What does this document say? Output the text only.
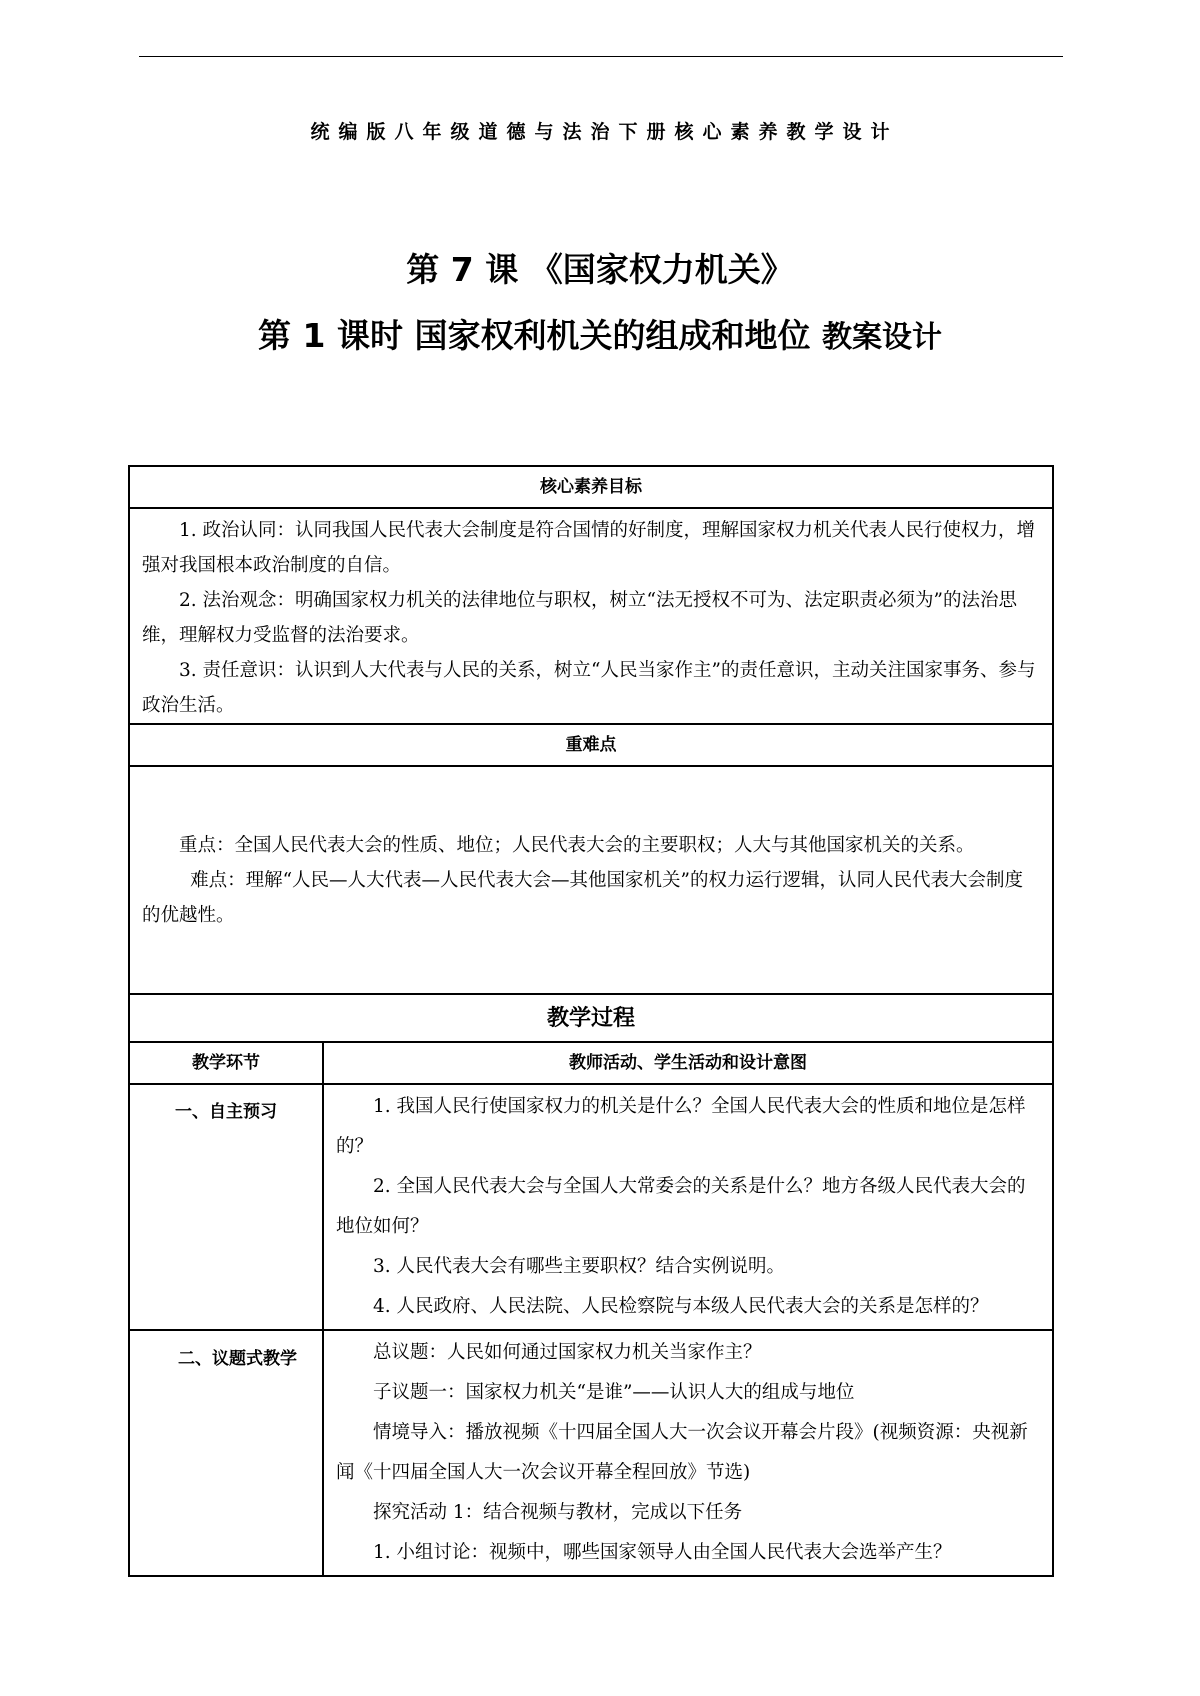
统编版八年级道德与法治下册核心素养教学设计
第 7 课 《国家权力机关》
第 1 课时 国家权利机关的组成和地位 教案设计
核心素养目标	

1. 政治认同：认同我国人民代表大会制度是符合国情的好制度，理解国家权力机关代表人民行使权力，增强对我国根本政治制度的自信。

2. 法治观念：明确国家权力机关的法律地位与职权，树立“法无授权不可为、法定职责必须为”的法治思维，理解权力受监督的法治要求。

3. 责任意识：认识到人大代表与人民的关系，树立“人民当家作主”的责任意识，主动关注国家事务、参与政治生活。	

重难点	

重点：全国人民代表大会的性质、地位；人民代表大会的主要职权；人大与其他国家机关的关系。

难点：理解“人民—人大代表—人民代表大会—其他国家机关”的权力运行逻辑，认同人民代表大会制度的优越性。	

教学过程	
教学环节	教师活动、学生活动和设计意图
一、自主预习	1. 我国人民行使国家权力的机关是什么？全国人民代表大会的性质和地位是怎样的？

2. 全国人民代表大会与全国人大常委会的关系是什么？地方各级人民代表大会的地位如何？

3. 人民代表大会有哪些主要职权？结合实例说明。

4. 人民政府、人民法院、人民检察院与本级人民代表大会的关系是怎样的？

二、议题式教学	总议题：人民如何通过国家权力机关当家作主？

子议题一：国家权力机关“是谁”——认识人大的组成与地位

情境导入：播放视频《十四届全国人大一次会议开幕会片段》(视频资源：央视新闻《十四届全国人大一次会议开幕全程回放》节选)

探究活动 1：结合视频与教材，完成以下任务

1. 小组讨论：视频中，哪些国家领导人由全国人民代表大会选举产生？
